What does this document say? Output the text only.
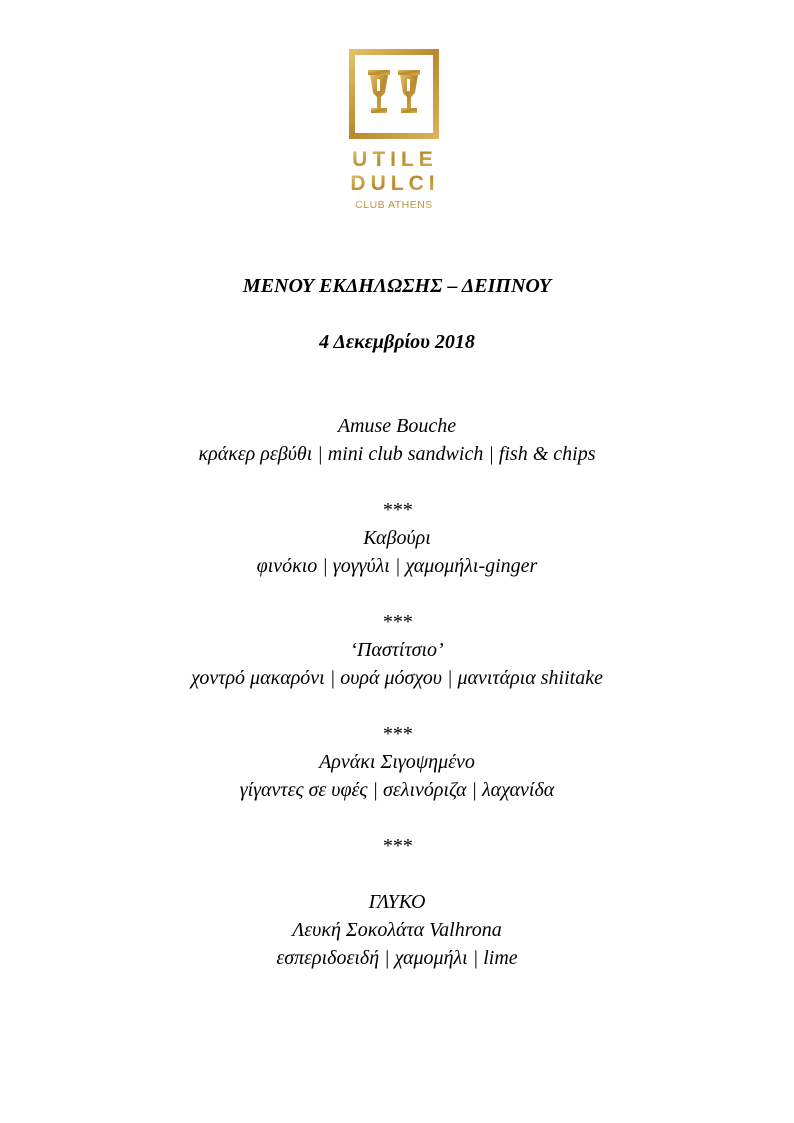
UTILE
DULCI
CLUB ATHENS
ΜΕΝΟΥ ΕΚΔΗΛΩΣΗΣ – ΔΕΙΠΝΟΥ
4 Δεκεμβρίου 2018
Amuse Bouche
κράκερ ρεβύθι | mini club sandwich | fish & chips
***
Καβούρι
φινόκιο | γογγύλι | χαμομήλι-ginger
***
‘Παστίτσιο’
χοντρό μακαρόνι | ουρά μόσχου | μανιτάρια shiitake
***
Αρνάκι Σιγοψημένο
γίγαντες σε υφές | σελινόριζα | λαχανίδα
***
ΓΛΥΚΟ
Λευκή Σοκολάτα Valhrona
εσπεριδοειδή | χαμομήλι | lime
